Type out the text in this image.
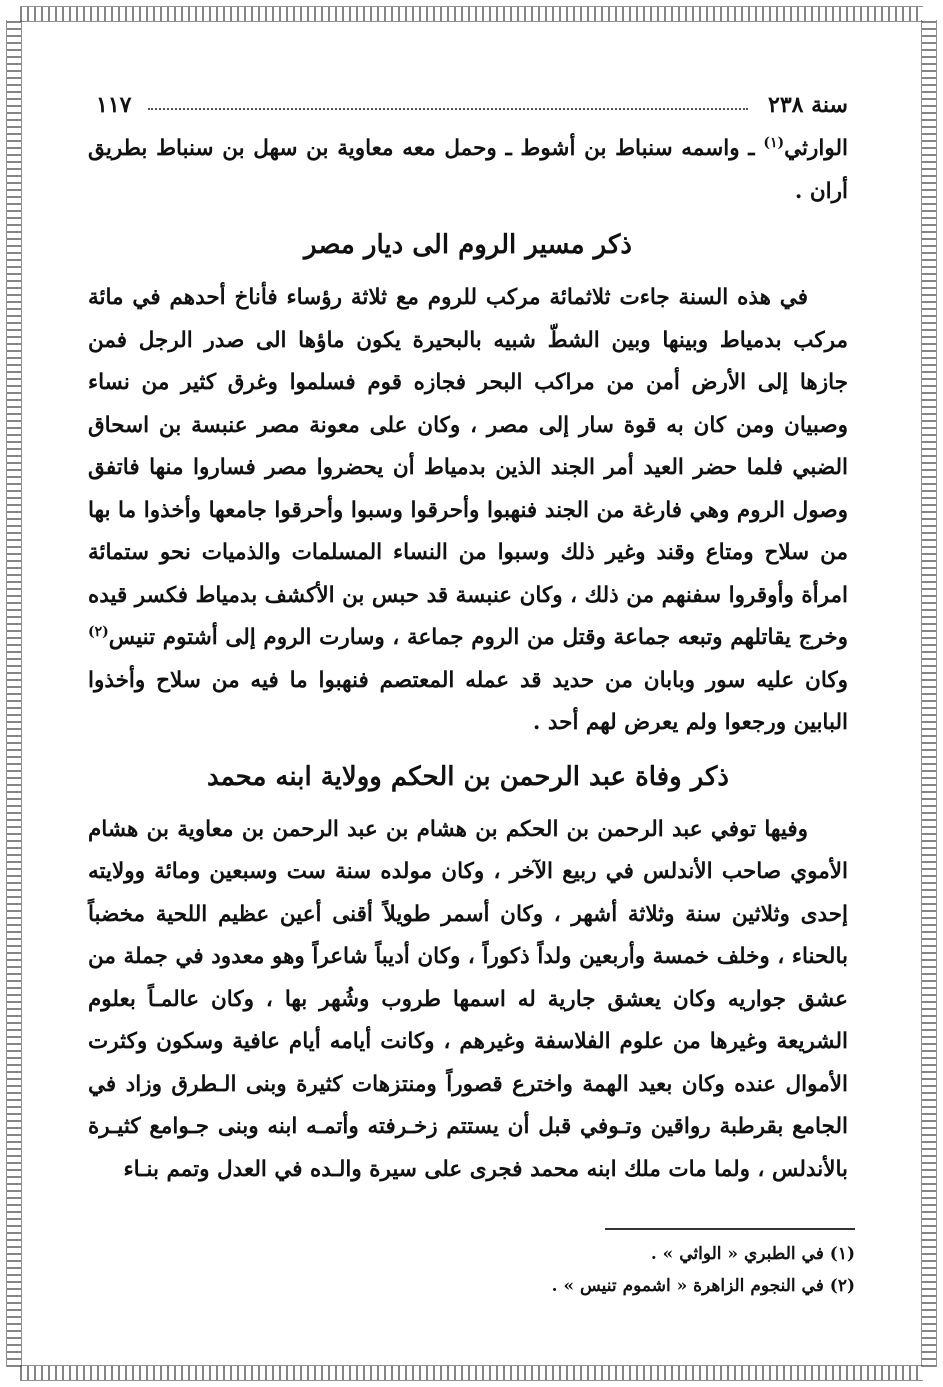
سنة ٢٣٨
١١٧

الوارثي$^{(١)}$ ـ واسمه سنباط بن أشوط ـ وحمل معه معاوية بن سهل بن سنباط بطريق أران .

ذكر مسير الروم الى ديار مصر

في هذه السنة جاءت ثلاثمائة مركب للروم مع ثلاثة رؤساء فأناخ أحدهم في مائة مركب بدمياط وبينها وبين الشطّ شبيه بالبحيرة يكون ماؤها الى صدر الرجل فمن جازها إلى الأرض أمن من مراكب البحر فجازه قوم فسلموا وغرق كثير من نساء وصبيان ومن كان به قوة سار إلى مصر ، وكان على معونة مصر عنبسة بن اسحاق الضبي فلما حضر العيد أمر الجند الذين بدمياط أن يحضروا مصر فساروا منها فاتفق وصول الروم وهي فارغة من الجند فنهبوا وأحرقوا وسبوا وأحرقوا جامعها وأخذوا ما بها من سلاح ومتاع وقند وغير ذلك وسبوا من النساء المسلمات والذميات نحو ستمائة امرأة وأوقروا سفنهم من ذلك ، وكان عنبسة قد حبس بن الأكشف بدمياط فكسر قيده وخرج يقاتلهم وتبعه جماعة وقتل من الروم جماعة ، وسارت الروم إلى أشتوم تنيس$^{(٢)}$ وكان عليه سور وبابان من حديد قد عمله المعتصم فنهبوا ما فيه من سلاح وأخذوا البابين ورجعوا ولم يعرض لهم أحد .

ذكر وفاة عبد الرحمن بن الحكم وولاية ابنه محمد

وفيها توفي عبد الرحمن بن الحكم بن هشام بن عبد الرحمن بن معاوية بن هشام الأموي صاحب الأندلس في ربيع الآخر ، وكان مولده سنة ست وسبعين ومائة وولايته إحدى وثلاثين سنة وثلاثة أشهر ، وكان أسمر طويلاً أقنى أعين عظيم اللحية مخضباً بالحناء ، وخلف خمسة وأربعين ولداً ذكوراً ، وكان أديباً شاعراً وهو معدود في جملة من عشق جواريه وكان يعشق جارية له اسمها طروب وشُهر بها ، وكان عالمـاً بعلوم الشريعة وغيرها من علوم الفلاسفة وغيرهم ، وكانت أيامه أيام عافية وسكون وكثرت الأموال عنده وكان بعيد الهمة واخترع قصوراً ومنتزهات كثيرة وبنى الـطرق وزاد في الجامع بقرطبة رواقين وتـوفي قبل أن يستتم زخـرفته وأتمـه ابنه وبنى جـوامع كثيـرة بالأندلس ، ولما مات ملك ابنه محمد فجرى على سيرة والـده في العدل وتمم بنـاء

(١) في الطبري « الواثي » .
(٢) في النجوم الزاهرة « اشموم تنيس » .
